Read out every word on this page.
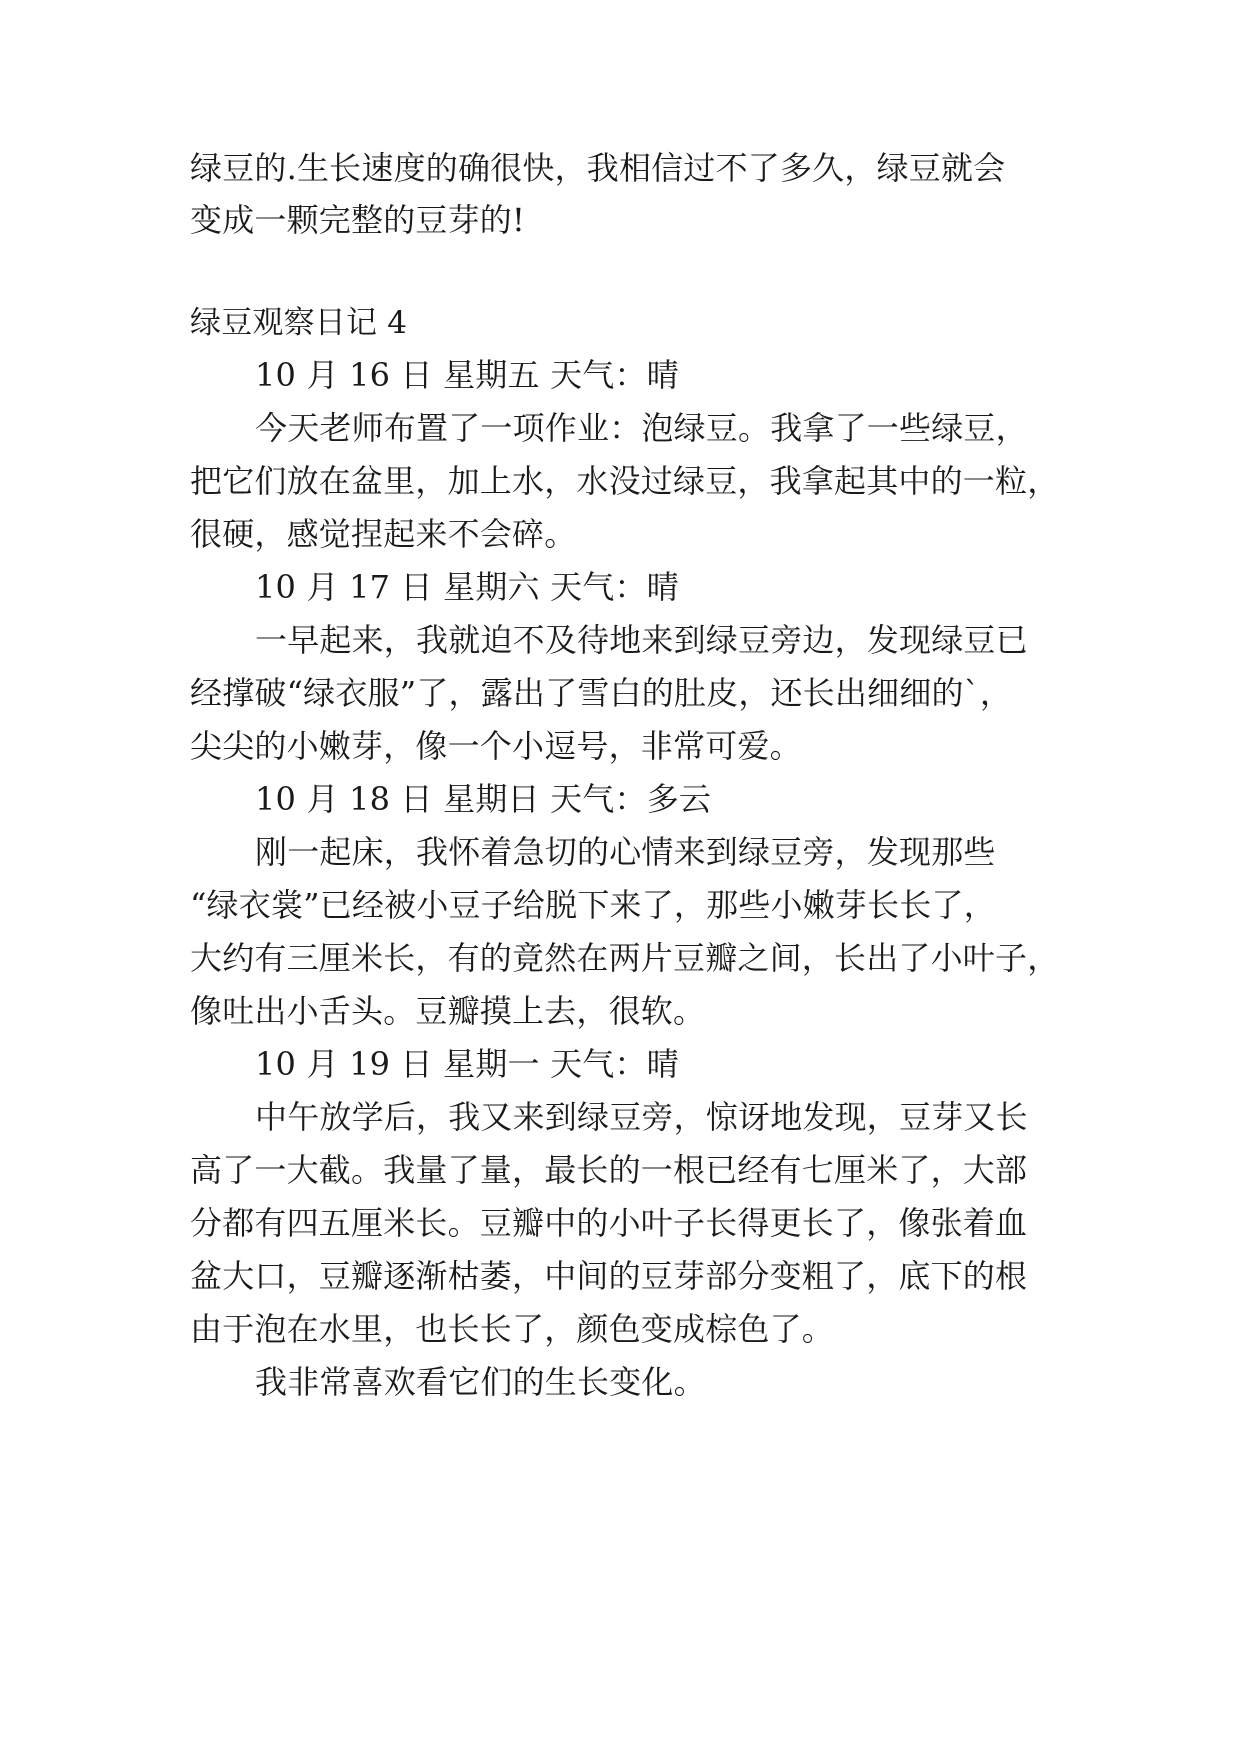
绿豆的.生长速度的确很快，我相信过不了多久，绿豆就会
变成一颗完整的豆芽的!
绿豆观察日记 4
10 月 16 日 星期五 天气：晴
今天老师布置了一项作业：泡绿豆。我拿了一些绿豆，
把它们放在盆里，加上水，水没过绿豆，我拿起其中的一粒，
很硬，感觉捏起来不会碎。
10 月 17 日 星期六 天气：晴
一早起来，我就迫不及待地来到绿豆旁边，发现绿豆已
经撑破“绿衣服”了，露出了雪白的肚皮，还长出细细的`，
尖尖的小嫩芽，像一个小逗号，非常可爱。
10 月 18 日 星期日 天气：多云
刚一起床，我怀着急切的心情来到绿豆旁，发现那些
“绿衣裳”已经被小豆子给脱下来了，那些小嫩芽长长了，
大约有三厘米长，有的竟然在两片豆瓣之间，长出了小叶子，
像吐出小舌头。豆瓣摸上去，很软。
10 月 19 日 星期一 天气：晴
中午放学后，我又来到绿豆旁，惊讶地发现，豆芽又长
高了一大截。我量了量，最长的一根已经有七厘米了，大部
分都有四五厘米长。豆瓣中的小叶子长得更长了，像张着血
盆大口，豆瓣逐渐枯萎，中间的豆芽部分变粗了，底下的根
由于泡在水里，也长长了，颜色变成棕色了。
我非常喜欢看它们的生长变化。
